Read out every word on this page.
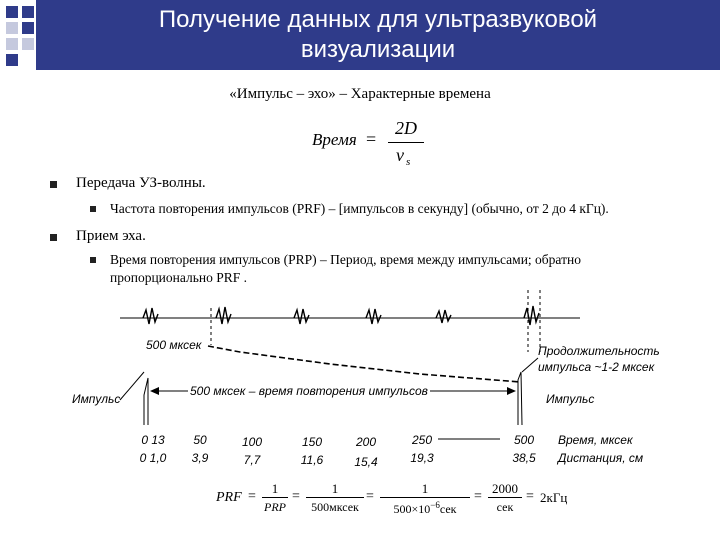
Получение данных для ультразвуковой
визуализации
«Импульс – эхо» – Характерные времена
Время =
2D
v s
Передача УЗ-волны.
Частота повторения импульсов (PRF) – [импульсов в секунду] (обычно, от 2 до 4 кГц).
Прием эха.
Время повторения импульсов (PRP) – Период, время между импульсами; обратно
пропорционально PRF .
500 мксек	Продолжительность
импульса ~1-2 мксек
Импульс	Импульс
500 мксек – время повторения импульсов
0 13
0 1,0
50
3,9
100
7,7
150
11,6
200
15,4
250
19,3
500
38,5
Время, мксек
Дистанция, см
PRF =
1
PRP
=
1
500мксек
=
1
$500\times 10^{-6}сек$
=
2000
сек
= 2кГц
